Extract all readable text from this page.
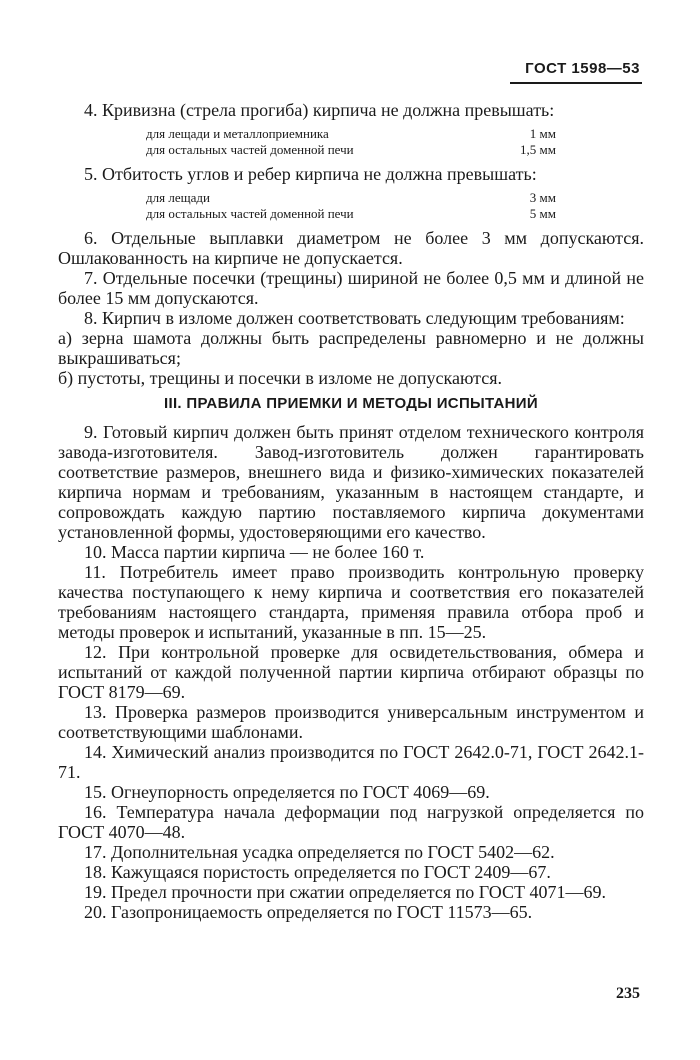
ГОСТ 1598—53

4. Кривизна (стрела прогиба) кирпича не должна превышать:

для лещади и металлоприемника	1 мм
для остальных частей доменной печи	1,5 мм

5. Отбитость углов и ребер кирпича не должна превышать:

для лещади	3 мм
для остальных частей доменной печи	5 мм

6. Отдельные выплавки диаметром не более 3 мм допускаются. Ошлакованность на кирпиче не допускается.

7. Отдельные посечки (трещины) шириной не более 0,5 мм и длиной не более 15 мм допускаются.

8. Кирпич в изломе должен соответствовать следующим требованиям:

а) зерна шамота должны быть распределены равномерно и не должны выкрашиваться;

б) пустоты, трещины и посечки в изломе не допускаются.

III. ПРАВИЛА ПРИЕМКИ И МЕТОДЫ ИСПЫТАНИЙ

9. Готовый кирпич должен быть принят отделом технического контроля завода-изготовителя. Завод-изготовитель должен гарантировать соответствие размеров, внешнего вида и физико-химических показателей кирпича нормам и требованиям, указанным в настоящем стандарте, и сопровождать каждую партию поставляемого кирпича документами установленной формы, удостоверяющими его качество.

10. Масса партии кирпича — не более 160 т.

11. Потребитель имеет право производить контрольную проверку качества поступающего к нему кирпича и соответствия его показателей требованиям настоящего стандарта, применяя правила отбора проб и методы проверок и испытаний, указанные в пп. 15—25.

12. При контрольной проверке для освидетельствования, обмера и испытаний от каждой полученной партии кирпича отбирают образцы по ГОСТ 8179—69.

13. Проверка размеров производится универсальным инструментом и соответствующими шаблонами.

14. Химический анализ производится по ГОСТ 2642.0-71, ГОСТ 2642.1-71.

15. Огнеупорность определяется по ГОСТ 4069—69.

16. Температура начала деформации под нагрузкой определяется по ГОСТ 4070—48.

17. Дополнительная усадка определяется по ГОСТ 5402—62.

18. Кажущаяся пористость определяется по ГОСТ 2409—67.

19. Предел прочности при сжатии определяется по ГОСТ 4071—69.

20. Газопроницаемость определяется по ГОСТ 11573—65.

235
